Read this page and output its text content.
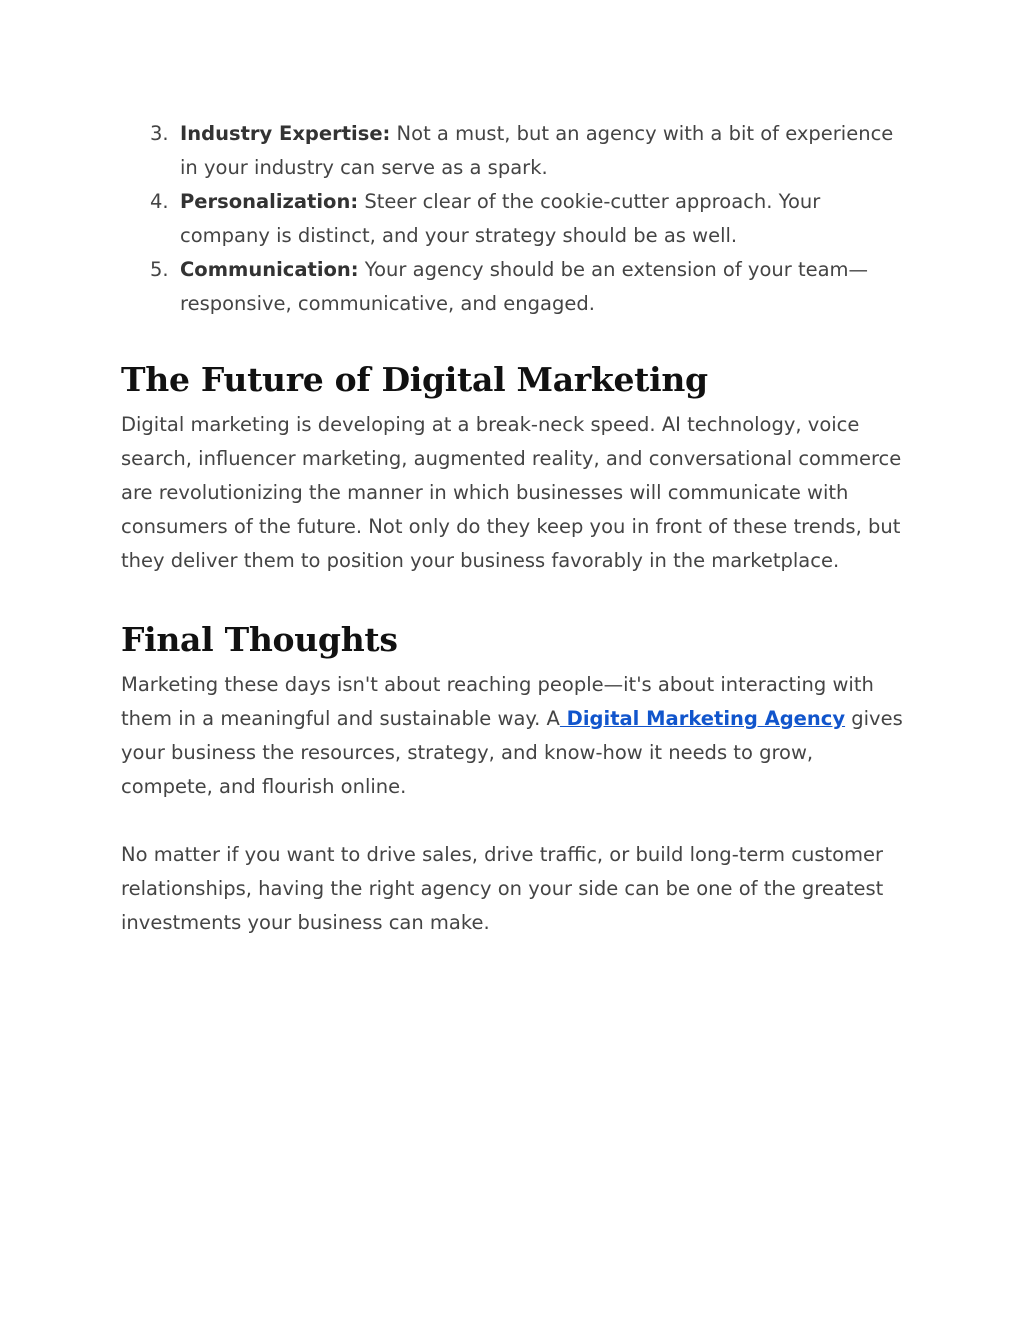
3. Industry Expertise: Not a must, but an agency with a bit of experience in your industry can serve as a spark.
4. Personalization: Steer clear of the cookie-cutter approach. Your company is distinct, and your strategy should be as well.
5. Communication: Your agency should be an extension of your team—responsive, communicative, and engaged.
The Future of Digital Marketing

Digital marketing is developing at a break-neck speed. AI technology, voice search, influencer marketing, augmented reality, and conversational commerce are revolutionizing the manner in which businesses will communicate with consumers of the future. Not only do they keep you in front of these trends, but they deliver them to position your business favorably in the marketplace.

Final Thoughts

Marketing these days isn't about reaching people—it's about interacting with them in a meaningful and sustainable way. A Digital Marketing Agency gives your business the resources, strategy, and know-how it needs to grow, compete, and flourish online.

No matter if you want to drive sales, drive traffic, or build long-term customer relationships, having the right agency on your side can be one of the greatest investments your business can make.
